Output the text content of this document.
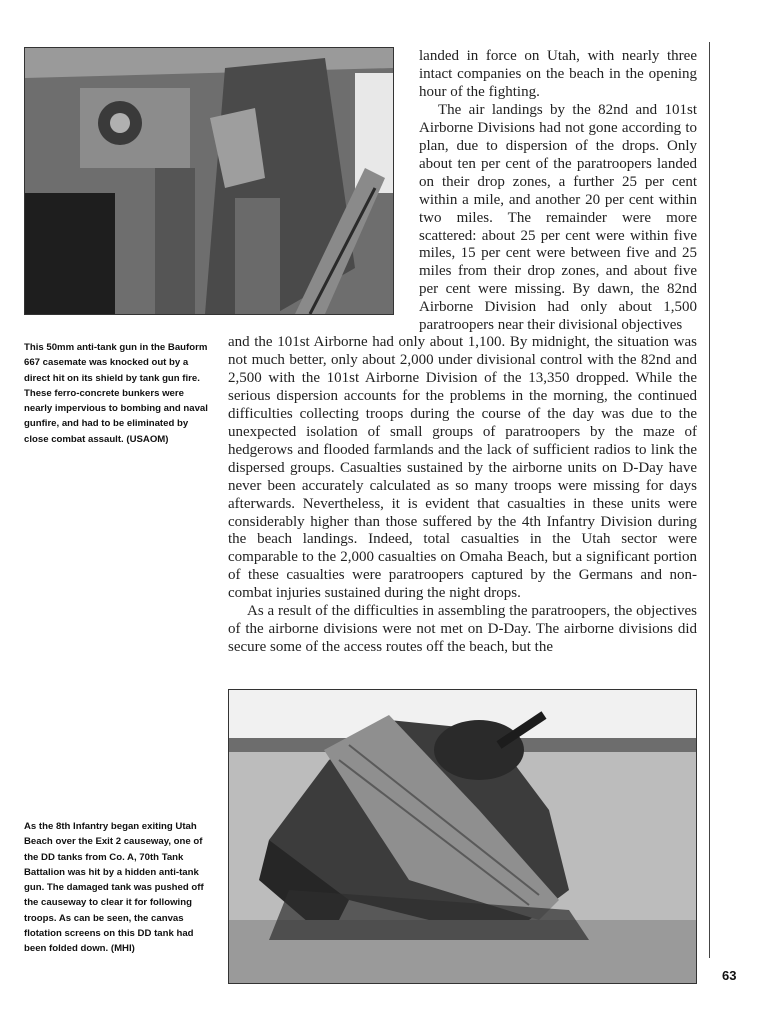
This 50mm anti-tank gun in the Bauform 667 casemate was knocked out by a direct hit on its shield by tank gun fire. These ferro-concrete bunkers were nearly impervious to bombing and naval gunfire, and had to be eliminated by close combat assault. (USAOM)

landed in force on Utah, with nearly three intact companies on the beach in the opening hour of the fighting.

The air landings by the 82nd and 101st Airborne Divisions had not gone according to plan, due to dispersion of the drops. Only about ten per cent of the paratroopers landed on their drop zones, a further 25 per cent within a mile, and another 20 per cent within two miles. The remainder were more scattered: about 25 per cent were within five miles, 15 per cent were between five and 25 miles from their drop zones, and about five per cent were missing. By dawn, the 82nd Airborne Division had only about 1,500 paratroopers near their divisional objectives

and the 101st Airborne had only about 1,100. By midnight, the situation was not much better, only about 2,000 under divisional control with the 82nd and 2,500 with the 101st Airborne Division of the 13,350 dropped. While the serious dispersion accounts for the problems in the morning, the continued difficulties collecting troops during the course of the day was due to the unexpected isolation of small groups of paratroopers by the maze of hedgerows and flooded farmlands and the lack of sufficient radios to link the dispersed groups. Casualties sustained by the airborne units on D-Day have never been accurately calculated as so many troops were missing for days afterwards. Nevertheless, it is evident that casualties in these units were considerably higher than those suffered by the 4th Infantry Division during the beach landings. Indeed, total casualties in the Utah sector were comparable to the 2,000 casualties on Omaha Beach, but a significant portion of these casualties were paratroopers captured by the Germans and non-combat injuries sustained during the night drops.

As a result of the difficulties in assembling the paratroopers, the objectives of the airborne divisions were not met on D-Day. The airborne divisions did secure some of the access routes off the beach, but the

As the 8th Infantry began exiting Utah Beach over the Exit 2 causeway, one of the DD tanks from Co. A, 70th Tank Battalion was hit by a hidden anti-tank gun. The damaged tank was pushed off the causeway to clear it for following troops. As can be seen, the canvas flotation screens on this DD tank had been folded down. (MHI)

63
